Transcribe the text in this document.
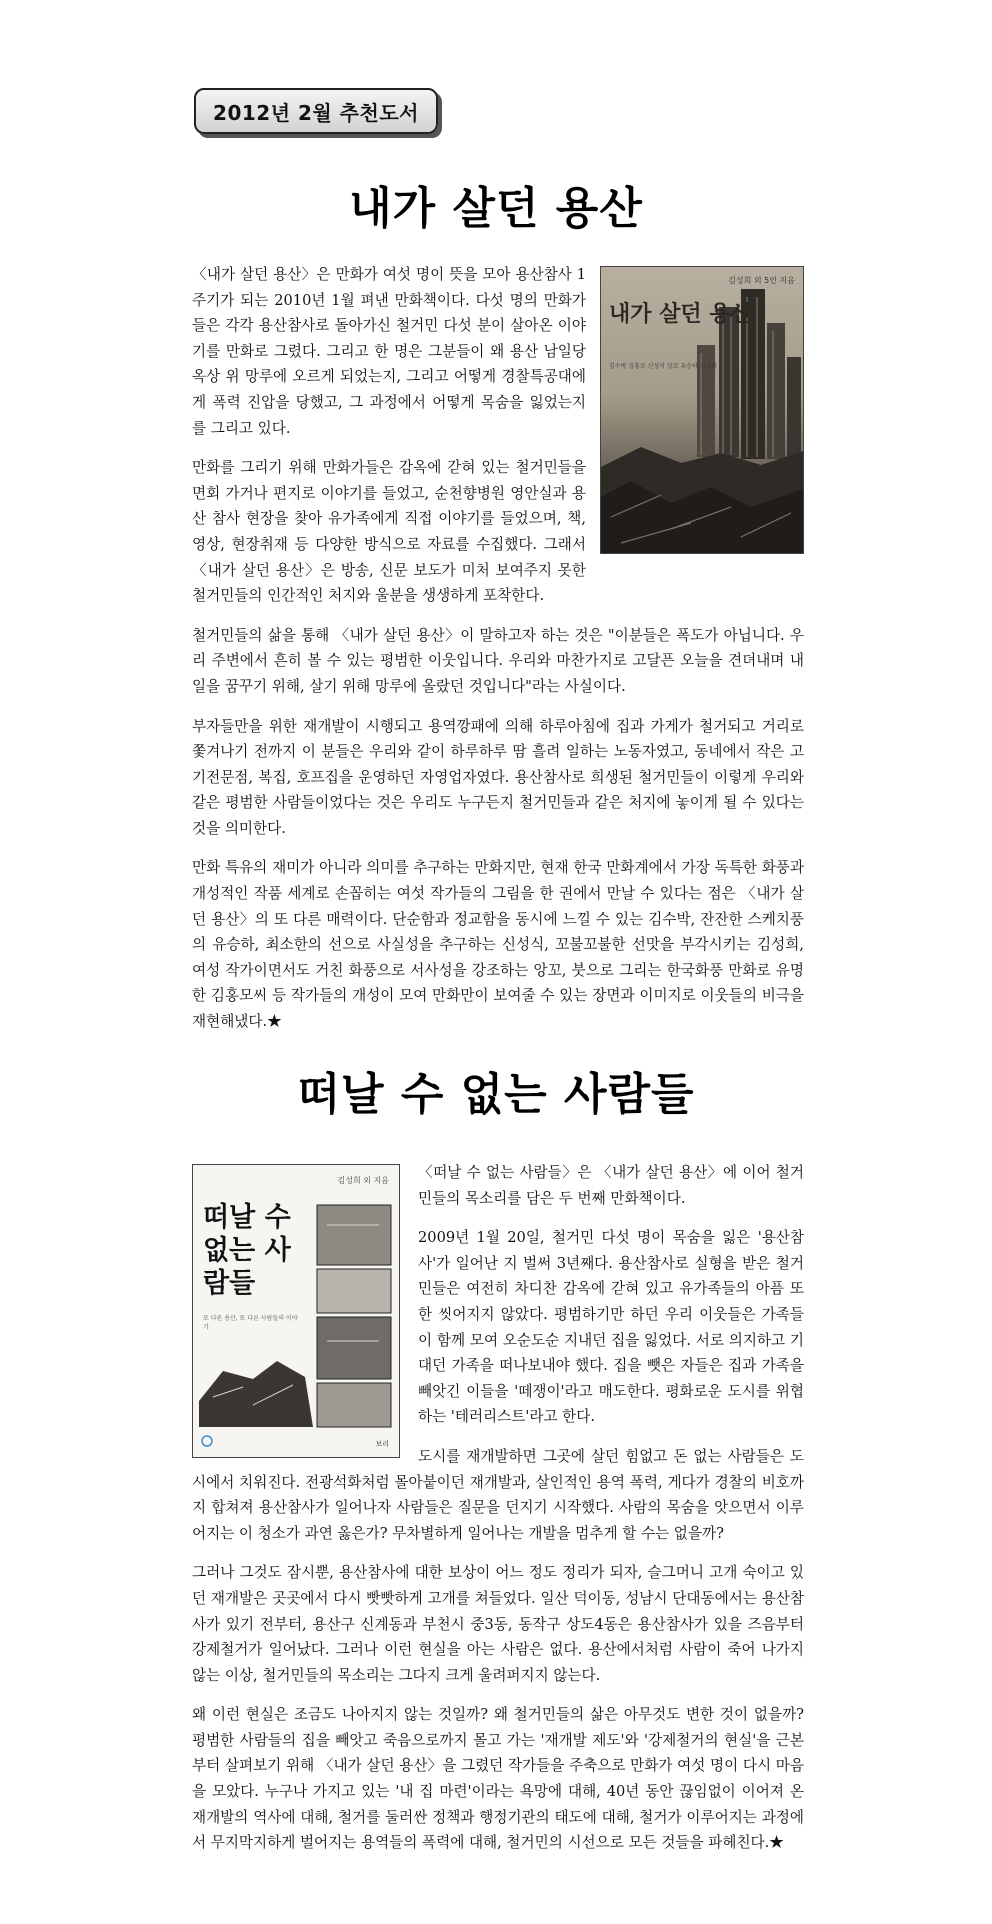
2012년 2월 추천도서
내가 살던 용산
김성희 외 5인 지음
내가 살던 용산
김수박 김홍모 신성식 앙꼬 유승하 김성희

〈내가 살던 용산〉은 만화가 여섯 명이 뜻을 모아 용산참사 1주기가 되는 2010년 1월 펴낸 만화책이다. 다섯 명의 만화가들은 각각 용산참사로 돌아가신 철거민 다섯 분이 살아온 이야기를 만화로 그렸다. 그리고 한 명은 그분들이 왜 용산 남일당 옥상 위 망루에 오르게 되었는지, 그리고 어떻게 경찰특공대에게 폭력 진압을 당했고, 그 과정에서 어떻게 목숨을 잃었는지를 그리고 있다.

만화를 그리기 위해 만화가들은 감옥에 갇혀 있는 철거민들을 면회 가거나 편지로 이야기를 들었고, 순천향병원 영안실과 용산 참사 현장을 찾아 유가족에게 직접 이야기를 들었으며, 책, 영상, 현장취재 등 다양한 방식으로 자료를 수집했다. 그래서 〈내가 살던 용산〉은 방송, 신문 보도가 미처 보여주지 못한 철거민들의 인간적인 처지와 울분을 생생하게 포착한다.

철거민들의 삶을 통해 〈내가 살던 용산〉이 말하고자 하는 것은 "이분들은 폭도가 아닙니다. 우리 주변에서 흔히 볼 수 있는 평범한 이웃입니다. 우리와 마찬가지로 고달픈 오늘을 견뎌내며 내일을 꿈꾸기 위해, 살기 위해 망루에 올랐던 것입니다"라는 사실이다.

부자들만을 위한 재개발이 시행되고 용역깡패에 의해 하루아침에 집과 가게가 철거되고 거리로 쫓겨나기 전까지 이 분들은 우리와 같이 하루하루 땀 흘려 일하는 노동자였고, 동네에서 작은 고기전문점, 복집, 호프집을 운영하던 자영업자였다. 용산참사로 희생된 철거민들이 이렇게 우리와 같은 평범한 사람들이었다는 것은 우리도 누구든지 철거민들과 같은 처지에 놓이게 될 수 있다는 것을 의미한다.

만화 특유의 재미가 아니라 의미를 추구하는 만화지만, 현재 한국 만화계에서 가장 독특한 화풍과 개성적인 작품 세계로 손꼽히는 여섯 작가들의 그림을 한 권에서 만날 수 있다는 점은 〈내가 살던 용산〉의 또 다른 매력이다. 단순함과 정교함을 동시에 느낄 수 있는 김수박, 잔잔한 스케치풍의 유승하, 최소한의 선으로 사실성을 추구하는 신성식, 꼬불꼬불한 선맛을 부각시키는 김성희, 여성 작가이면서도 거친 화풍으로 서사성을 강조하는 앙꼬, 붓으로 그리는 한국화풍 만화로 유명한 김홍모씨 등 작가들의 개성이 모여 만화만이 보여줄 수 있는 장면과 이미지로 이웃들의 비극을 재현해냈다.★

떠날 수 없는 사람들
김성희 외 지음
떠날 수 없는 사람들
또 다른 용산, 또 다른 사람들의 이야기
보리

〈떠날 수 없는 사람들〉은 〈내가 살던 용산〉에 이어 철거민들의 목소리를 담은 두 번째 만화책이다.

2009년 1월 20일, 철거민 다섯 명이 목숨을 잃은 '용산참사'가 일어난 지 벌써 3년째다. 용산참사로 실형을 받은 철거민들은 여전히 차디찬 감옥에 갇혀 있고 유가족들의 아픔 또한 씻어지지 않았다. 평범하기만 하던 우리 이웃들은 가족들이 함께 모여 오순도순 지내던 집을 잃었다. 서로 의지하고 기대던 가족을 떠나보내야 했다. 집을 뺏은 자들은 집과 가족을 빼앗긴 이들을 '떼쟁이'라고 매도한다. 평화로운 도시를 위협하는 '테러리스트'라고 한다.

도시를 재개발하면 그곳에 살던 힘없고 돈 없는 사람들은 도시에서 치워진다. 전광석화처럼 몰아붙이던 재개발과, 살인적인 용역 폭력, 게다가 경찰의 비호까지 합쳐져 용산참사가 일어나자 사람들은 질문을 던지기 시작했다. 사람의 목숨을 앗으면서 이루어지는 이 청소가 과연 옳은가? 무차별하게 일어나는 개발을 멈추게 할 수는 없을까?

그러나 그것도 잠시뿐, 용산참사에 대한 보상이 어느 정도 정리가 되자, 슬그머니 고개 숙이고 있던 재개발은 곳곳에서 다시 빳빳하게 고개를 쳐들었다. 일산 덕이동, 성남시 단대동에서는 용산참사가 있기 전부터, 용산구 신계동과 부천시 중3동, 동작구 상도4동은 용산참사가 있을 즈음부터 강제철거가 일어났다. 그러나 이런 현실을 아는 사람은 없다. 용산에서처럼 사람이 죽어 나가지 않는 이상, 철거민들의 목소리는 그다지 크게 울려퍼지지 않는다.

왜 이런 현실은 조금도 나아지지 않는 것일까? 왜 철거민들의 삶은 아무것도 변한 것이 없을까? 평범한 사람들의 집을 빼앗고 죽음으로까지 몰고 가는 '재개발 제도'와 '강제철거의 현실'을 근본부터 살펴보기 위해 〈내가 살던 용산〉을 그렸던 작가들을 주축으로 만화가 여섯 명이 다시 마음을 모았다. 누구나 가지고 있는 '내 집 마련'이라는 욕망에 대해, 40년 동안 끊임없이 이어져 온 재개발의 역사에 대해, 철거를 둘러싼 정책과 행정기관의 태도에 대해, 철거가 이루어지는 과정에서 무지막지하게 벌어지는 용역들의 폭력에 대해, 철거민의 시선으로 모든 것들을 파헤친다.★
